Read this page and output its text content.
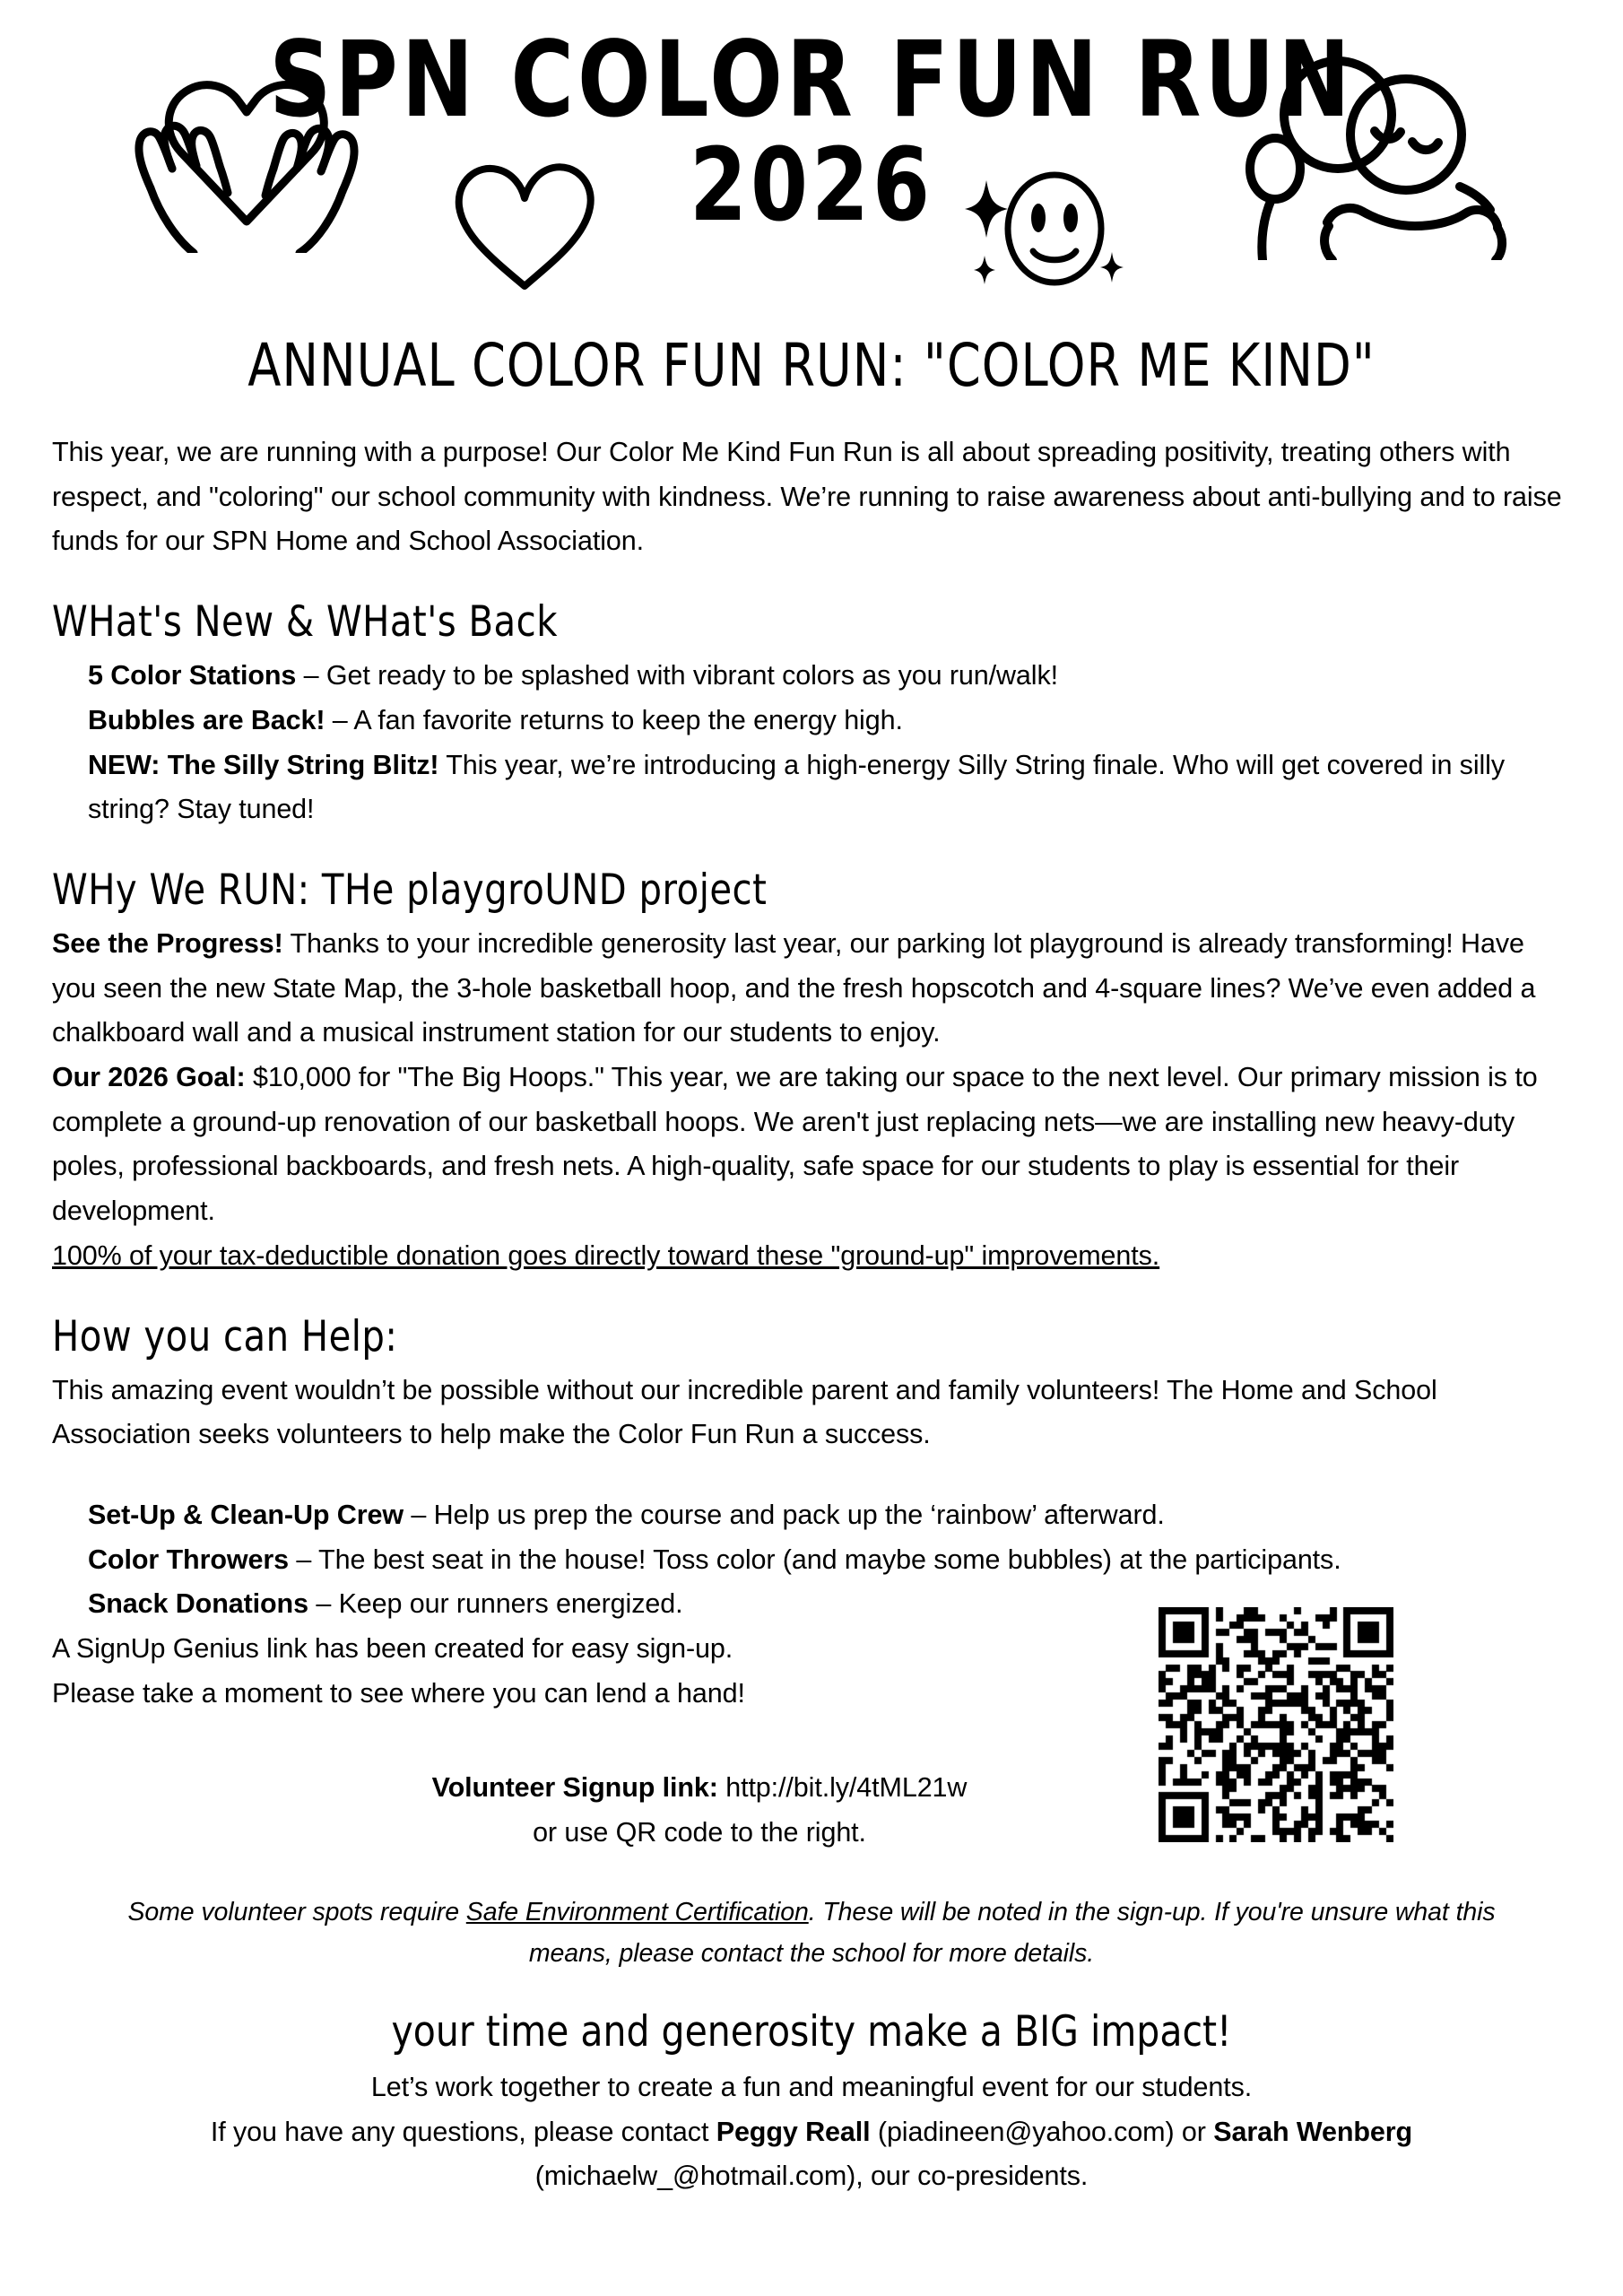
SPN COLOR FUN RUN
2026
ANNUAL COLOR FUN RUN: "COLOR ME KIND"

This year, we are running with a purpose! Our Color Me Kind Fun Run is all about spreading positivity, treating others with respect, and "coloring" our school community with kindness. We’re running to raise awareness about anti-bullying and to raise funds for our SPN Home and School Association.

WHat's New & WHat's Back

5 Color Stations – Get ready to be splashed with vibrant colors as you run/walk!

Bubbles are Back! – A fan favorite returns to keep the energy high.

NEW: The Silly String Blitz! This year, we’re introducing a high-energy Silly String finale. Who will get covered in silly string? Stay tuned!

WHy We RUN: THe playgroUND project

See the Progress! Thanks to your incredible generosity last year, our parking lot playground is already transforming! Have you seen the new State Map, the 3-hole basketball hoop, and the fresh hopscotch and 4-square lines? We’ve even added a chalkboard wall and a musical instrument station for our students to enjoy.

Our 2026 Goal: $10,000 for "The Big Hoops." This year, we are taking our space to the next level. Our primary mission is to complete a ground-up renovation of our basketball hoops. We aren't just replacing nets—we are installing new heavy-duty poles, professional backboards, and fresh nets. A high-quality, safe space for our students to play is essential for their development.

100% of your tax-deductible donation goes directly toward these "ground-up" improvements.

How you can Help:

This amazing event wouldn’t be possible without our incredible parent and family volunteers! The Home and School Association seeks volunteers to help make the Color Fun Run a success.

Set-Up & Clean-Up Crew – Help us prep the course and pack up the ‘rainbow’ afterward.

Color Throwers – The best seat in the house! Toss color (and maybe some bubbles) at the participants.

Snack Donations – Keep our runners energized.

A SignUp Genius link has been created for easy sign-up.

Please take a moment to see where you can lend a hand!

Volunteer Signup link: http://bit.ly/4tML21w

or use QR code to the right.

Some volunteer spots require Safe Environment Certification. These will be noted in the sign-up. If you're unsure what this means, please contact the school for more details.

your time and generosity make a BIG impact!

Let’s work together to create a fun and meaningful event for our students.

If you have any questions, please contact Peggy Reall (piadineen@yahoo.com) or Sarah Wenberg (michaelw_@hotmail.com), our co-presidents.
